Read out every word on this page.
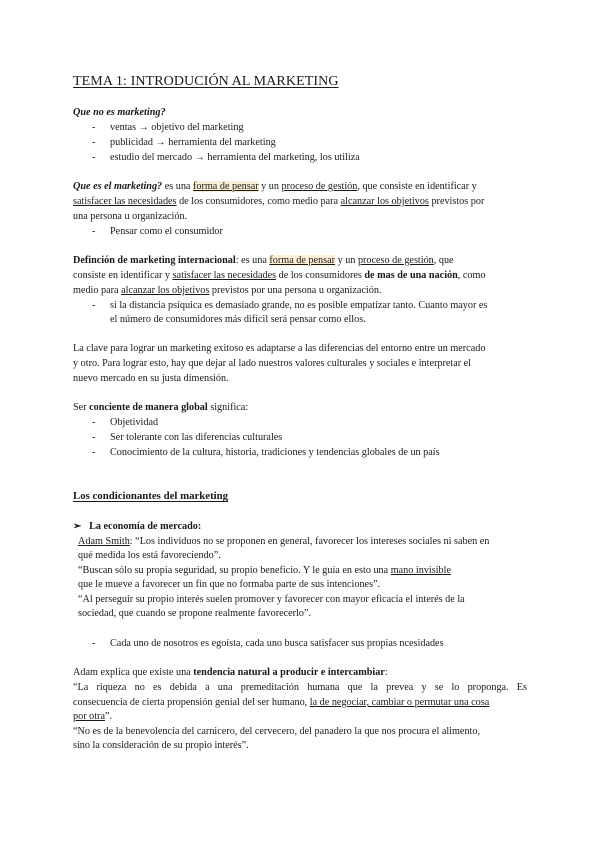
TEMA 1: INTRODUCIÓN AL MARKETING
Que no es marketing?
- ventas → objetivo del marketing
- publicidad → herramienta del marketing
- estudio del mercado → herramienta del marketing, los utiliza
Que es el marketing? es una forma de pensar y un proceso de gestión, que consiste en identificar y
satisfacer las necesidades de los consumidores, como medio para alcanzar los objetivos previstos por
una persona u organización.
- Pensar como el consumidor
Definción de marketing internacional: es una forma de pensar y un proceso de gestión, que
consiste en identificar y satisfacer las necesidades de los consumidores de mas de una nación, como
medio para alcanzar los objetivos previstos por una persona u organización.
- si la distancia psíquica es demasiado grande, no es posible empatizar tanto. Cuanto mayor es
el número de consumidores más difícil será pensar como ellos.
La clave para lograr un marketing exitoso es adaptarse a las diferencias del entorno entre un mercado
y otro. Para lograr esto, hay que dejar al lado nuestros valores culturales y sociales e interpretar el
nuevo mercado en su justa dimensión.
Ser conciente de manera global significa:
- Objetividad
- Ser tolerante con las diferencias culturales
- Conocimiento de la cultura, historia, tradiciones y tendencias globales de un país
Los condicionantes del marketing
➢ La economía de mercado:
Adam Smith: “Los individuos no se proponen en general, favorecer los intereses sociales ni saben en
qué medida los está favoreciendo”.
“Buscan sólo su propia seguridad, su propio beneficio. Y le guía en esto una mano invisible
que le mueve a favorecer un fin que no formaba parte de sus intenciones”.
“Al perseguir su propio interés suelen promover y favorecer con mayor eficacia el interés de la
sociedad, que cuando se propone realmente favorecerlo”.
- Cada uno de nosotros es egoísta, cada uno busca satisfacer sus propias ncesidades
Adam explica que existe una tendencia natural a producir e intercambiar:
“La riqueza no es debida a una premeditación humana que la prevea y se lo proponga. Es
consecuencia de cierta propensión genial del ser humano, la de negociar, cambiar o permutar una cosa
por otra”.
“No es de la benevolencia del carnicero, del cervecero, del panadero la que nos procura el alimento,
sino la consideración de su propio interés”.
